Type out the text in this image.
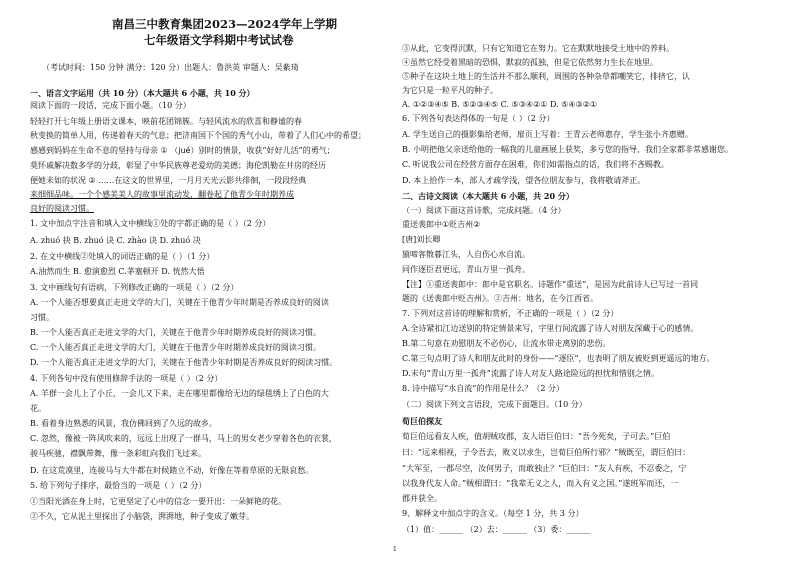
南昌三中教育集团2023—2024学年上学期
七年级语文学科期中考试试卷
（考试时间：150 分钟 满分：120 分）出题人：鲁洪英 审题人：吴紫琦
一、语言文字运用（共 10 分）（本大题共 6 小题，共 10 分）
阅读下面的一段话，完成下面小题。（10 分）
轻轻打开七年级上册语文课本，映前花团锦簇。与轻风流水的欣喜和静谧的春
秋变换的简单人用，传递着春天的气息；把济南国下个国的秀气小山，带着了人们心中的希望；
感感到妈妈在生命不息的坚持与母亲 ① （jué）别时的情景，收获“好好儿活”的勇气；
莫怀戚解决数多学的分歧，彰显了中华民族尊老爱幼的美德；海伦凯勒在井房的经历
便她未如的状况 ② ……在这文的世界里，一月月天光云影共徘徊，一段段经典
来细细品味。一个个感美美人的故事里流动发，翻卷起了他青少年时期养成
良好的阅读习惯。
1. 文中加点字注音和填入文中横线①处的字都正确的是（ ）（2 分）
A. zhuó 抉 B. zhuó 诀 C. zhào 诀 D. zhuó 决
2. 在文中横线②处填入的词语正确的是（ ）（1 分）
A.油然而生 B. 愈演愈烈 C.茅塞顿开 D. 恍然大悟
3. 文中画线句有语病，下列修改正确的一项是（ ）（2 分）
A. 一个人能否想要真正走进文学的大门，关键在于他青少年时期是否养成良好的阅读
习惯。
B. 一个人能否真正走进文学的大门，关键在于他青少年时期养成良好的阅读习惯。
C. 一个人能否真正走进文学的大门，关键在于他青少年时期养成良好的阅读习惯。
D. 一个人能否真正走进文学的大门，关键在于他青少年时期是否养成良好的阅读习惯。
4. 下列各句中没有使用修辞手法的一项是（ ）（2 分）
A. 羊群一会儿上了小丘，一会儿又下来，走在哪里都像给无边的绿毯绣上了白色的大
花。
B. 看着身边熟悉的风景，我仿佛回到了久远的故乡。
C. 忽然，像被一阵风吹来的，远远上出现了一群马，马上的男女老少穿着各色的衣裳，
骏马疾驰，襟飘带舞，像一条彩虹向我们飞过来。
D. 在这荒漠里，连骏马与大牛都在时候踏立不动，好像在等着草原的无限哀愁。
5. 给下列句子排序，最恰当的一项是（ ）（2 分）
①当阳光酒在身上时，它更坚定了心中的信念一要开出：一朵鲜艳的花。
②不久，它从泥土里探出了小脑袋，湃湃地，种子变成了嫩芽。
③从此，它变得沉默，只有它知道它在努力。它在默默地接受土地中的养料。
④虽然它经受着黑暗的恐惧，默寂的孤独，但是它依然努力生长在地里。
⑤种子在这块土地上的生活并不那么顺利，周围的各种杂草都嘲笑它，排挤它，认
为它只是一粒平凡的种子。
A. ①②③④⑤ B. ⑤②③④⑤ C. ⑤③④②① D. ⑤④③②①
6. 下列各句表达得体的一句是（ ）（2 分）
A. 学生送自己的摄影集给老师，扉页上写着：王青云老师惠存，学生张小齐惠赠。
B. 小明把他父亲送给他的一幅我的儿童画展上获奖，多亏您的指导，我们全家都非常感谢您。
C. 听说我公司在经营方面存在困难，你们如需指点的话，我们将不吝赐教。
D. 本上拾作一本，部人才疏学浅，望各位朋友参与，我将敬请斧正。
二、古诗文阅读（本大题共 6 小题，共 20 分）
（一）阅读下面这首诗歌，完成问题。（4 分）
重送裴郎中①贬吉州②
[唐]刘长卿
猿啼客散暮江头，人自伤心水自流。
同作逐臣君更远，青山万里一孤舟。
【注】①重送裴郎中：郎中是官职名。诗题作“重送”，是因为此前诗人已写过一首同
题的《送裴郎中贬吉州》。②吉州：地名，在今江西省。
7. 下列对这首诗的理解和赏析，不正确的一项是（ ）（2 分）
A.全诗紧扣江边送别的特定情景来写，字里行间流露了诗人对朋友深藏于心的感情。
B.第二句意在劝慰朋友不必伤心，让流水带走离别的悲伤。
C.第三句点明了诗人和朋友此时的身份——“逐臣”，也表明了朋友被贬到更遥远的地方。
D.末句“青山万里一孤舟”流露了诗人对友人路途险远的担忧和惜别之情。
8. 诗中描写“水自流”的作用是什么？（2 分）
（二）阅读下列文言语段，完成下面题目。（10 分）
荀巨伯探友
荀巨伯远看友人疾，值胡贼攻郡，友人语巨伯曰：“吾今死矣，子可去。”巨伯
曰：“远来相视，子令吾去，败义以求生，岂荀巨伯所行邪？”贼既至，谓巨伯曰：
“大军至，一郡尽空，汝何男子，而敢独止？”巨伯曰：“友人有疾，不忍委之，宁
以我身代友人命。”贼相谓曰：“我辈无义之人，而入有义之国。”遂班军而还，一
郡并获全。
9、解释文中加点字的含义。（每空 1 分，共 3 分）
（1）值：______ （2）去：______ （3）委：______
1
